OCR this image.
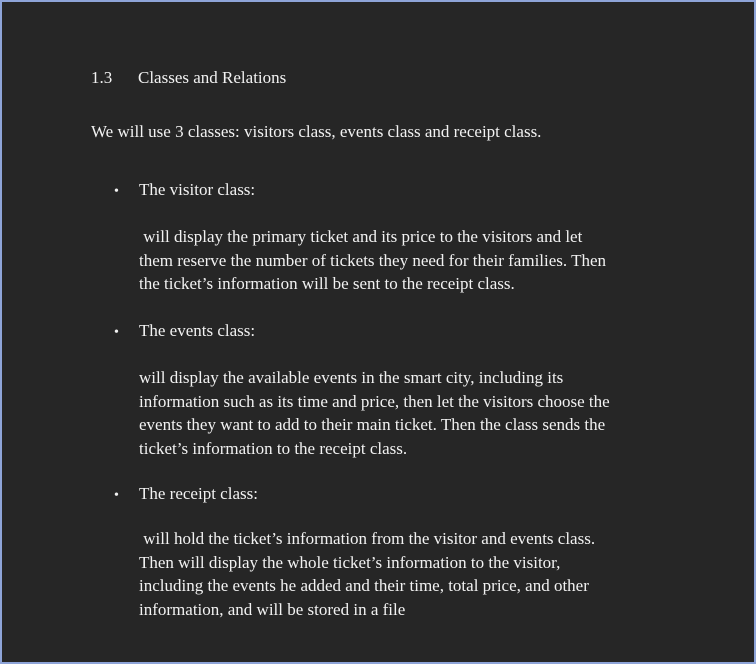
1.3 Classes and Relations
We will use 3 classes: visitors class, events class and receipt class.
• The visitor class:
will display the primary ticket and its price to the visitors and let
them reserve the number of tickets they need for their families. Then
the ticket’s information will be sent to the receipt class.
• The events class:
will display the available events in the smart city, including its
information such as its time and price, then let the visitors choose the
events they want to add to their main ticket. Then the class sends the
ticket’s information to the receipt class.
• The receipt class:
will hold the ticket’s information from the visitor and events class.
Then will display the whole ticket’s information to the visitor,
including the events he added and their time, total price, and other
information, and will be stored in a file
